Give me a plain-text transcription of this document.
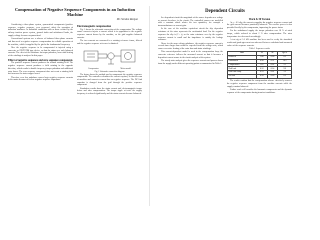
Compensation of Negative Sequence Components in an Induction Machine
Mr. Vardan Ranjan

Considering a three-phase system, symmetrical components (positive sequence, negative sequence, zero sequence) affect the operation of induction machines. In industrial conditions such as those created by the railway traction power system, ground faults and unbalanced loads, the supply voltage becomes asymmetrical.

Conventional systems use a scheme of balanced three-phase currents and thus need a negative sequence compensation for reliable operation of the machine, which is supplied by the grid at the fundamental frequency.

Here the negative sequence to be compensated is injected using a converter or STATCOM type device, so that the stator sees only balanced currents. The effect of the unbalance on torque pulsation, losses and heating of the windings is analysed in this paper.

Effect of negative sequence and zero sequence components

The positive sequence current produces the normal rotating field. The negative sequence current produces a field rotating in the opposite direction, which results in double frequency torque pulsation and additional rotor losses. The zero sequence component does not create a rotating field but increases the stator copper losses.

Therefore even low unbalance causes large negative sequence currents in the motor because of its low negative sequence impedance.

Electromagnetic compensation

Fig. 1 shows the schematic connection of the compensator. The voltage source converter injects a current which is in opposition to the negative sequence current drawn by the machine, so the grid supplies balanced currents.

The two currents are measured in a rotating reference frame, filtered and the negative sequence reference is obtained.

Compensator	Motor model
Fig. 1 Schematic connection diagram

The figure shows the method used to compensate the negative sequence components. The controller calculates the current required, so that the sum of machine and converter current has no negative sequence. The DC link capacitor is charged from the grid through the positive sequence component.

Simulation results show the stator current and electromagnetic torque before and after compensation. The torque ripple at twice the supply frequency is reduced significantly and the stator currents become balanced.

Dependent Circuits

In a dependent circuit the magnitude of the source depends on a voltage or current elsewhere in the circuit. The controlled sources are modelled with a constant which relates the two quantities, for example a transconductance or current gain.

In the case of the machine equivalent circuit the slip dependent resistance of the rotor represents the mechanical load. For the negative sequence the slip is (2 - s), so the rotor resistance seen by the negative sequence current is small and the impedance is mainly the leakage reactance.

Hence for the same voltage unbalance, the negative sequence current is several times larger than would be expected from the voltage ratio, which causes excessive heating of the rotor bars and stator windings.

This current-dependent model is used in the compensation loop; the converter reference follows the measured current so that it becomes a dependent current source in the circuit analysis of the system.

The steady state analysis gives the sequence currents and powers drawn from the supply under different operating points as summarised in Table 1.

Work & 50 Torsion

At s = 0.5 slip, the converter supplies the negative sequence current and the grid current becomes practically balanced. The reactive power is also provided locally by the compensator, improving the power factor.

For the unbalanced supply the torque pulsation was 18 % of rated torque, which reduced to about 2 % after compensation. The rotor temperature rise decreased accordingly.

A test rig of 5.5 kW machine has been used to verify the simulated results and good agreement was observed between calculated and measured values of the sequence currents.

Table 1 Sequence results
Case	I1	I2	Tp %
Balanced	1.00	0.00	0.5
Unbalanced	0.98	0.31	18.2
Compensated	1.01	0.02	2.1
Half load	0.52	0.14	9.6
Half load comp.	0.53	0.01	1.2
No load	0.28	0.09	6.3

The results confirm that the compensation scheme effectively removes the negative sequence component from the machine currents while the supply remains balanced.

Further work will consider the harmonic components and the dynamic response of the compensator during transient conditions.
